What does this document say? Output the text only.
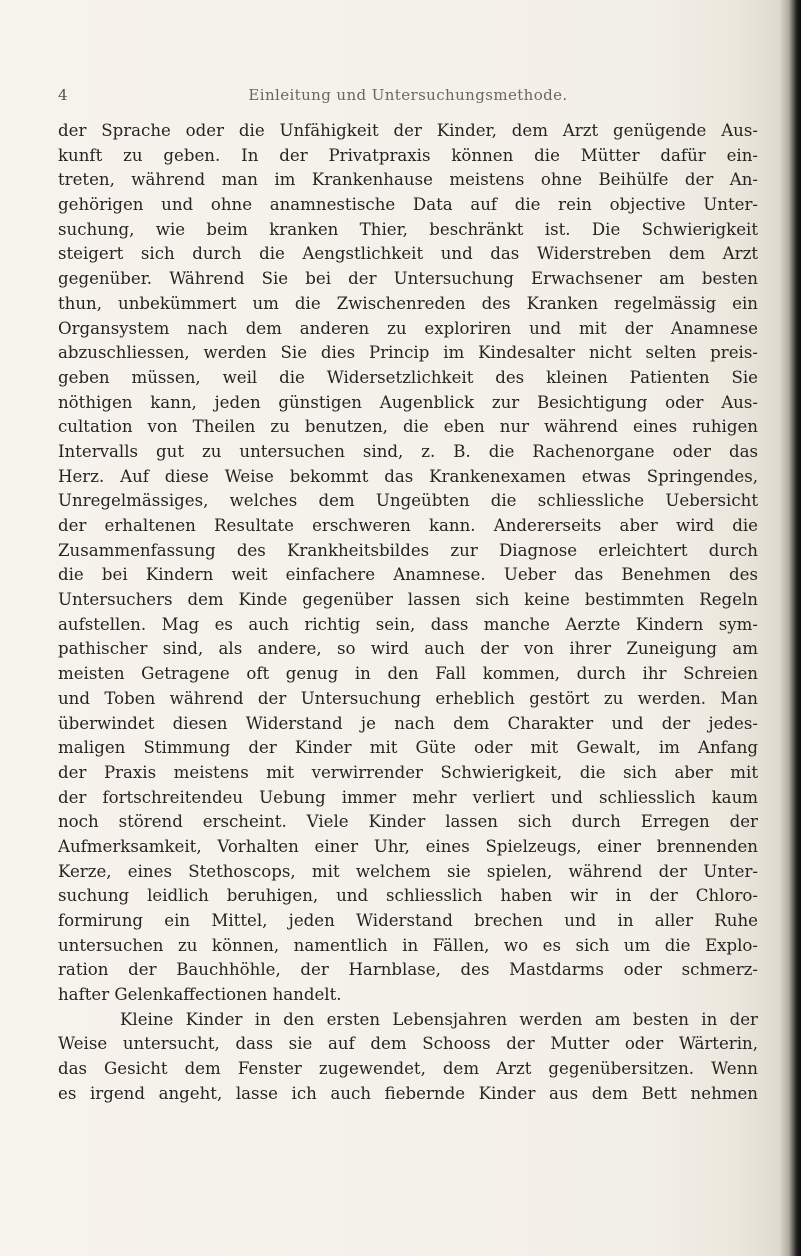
4	Einleitung und Untersuchungsmethode.
der Sprache oder die Unfähigkeit der Kinder, dem Arzt genügende Aus-
kunft zu geben. In der Privatpraxis können die Mütter dafür ein-
treten, während man im Krankenhause meistens ohne Beihülfe der An-
gehörigen und ohne anamnestische Data auf die rein objective Unter-
suchung, wie beim kranken Thier, beschränkt ist. Die Schwierigkeit
steigert sich durch die Aengstlichkeit und das Widerstreben dem Arzt
gegenüber. Während Sie bei der Untersuchung Erwachsener am besten
thun, unbekümmert um die Zwischenreden des Kranken regelmässig ein
Organsystem nach dem anderen zu exploriren und mit der Anamnese
abzuschliessen, werden Sie dies Princip im Kindesalter nicht selten preis-
geben müssen, weil die Widersetzlichkeit des kleinen Patienten Sie
nöthigen kann, jeden günstigen Augenblick zur Besichtigung oder Aus-
cultation von Theilen zu benutzen, die eben nur während eines ruhigen
Intervalls gut zu untersuchen sind, z. B. die Rachenorgane oder das
Herz. Auf diese Weise bekommt das Krankenexamen etwas Springendes,
Unregelmässiges, welches dem Ungeübten die schliessliche Uebersicht
der erhaltenen Resultate erschweren kann. Andererseits aber wird die
Zusammenfassung des Krankheitsbildes zur Diagnose erleichtert durch
die bei Kindern weit einfachere Anamnese. Ueber das Benehmen des
Untersuchers dem Kinde gegenüber lassen sich keine bestimmten Regeln
aufstellen. Mag es auch richtig sein, dass manche Aerzte Kindern sym-
pathischer sind, als andere, so wird auch der von ihrer Zuneigung am
meisten Getragene oft genug in den Fall kommen, durch ihr Schreien
und Toben während der Untersuchung erheblich gestört zu werden. Man
überwindet diesen Widerstand je nach dem Charakter und der jedes-
maligen Stimmung der Kinder mit Güte oder mit Gewalt, im Anfang
der Praxis meistens mit verwirrender Schwierigkeit, die sich aber mit
der fortschreitendeu Uebung immer mehr verliert und schliesslich kaum
noch störend erscheint. Viele Kinder lassen sich durch Erregen der
Aufmerksamkeit, Vorhalten einer Uhr, eines Spielzeugs, einer brennenden
Kerze, eines Stethoscops, mit welchem sie spielen, während der Unter-
suchung leidlich beruhigen, und schliesslich haben wir in der Chloro-
formirung ein Mittel, jeden Widerstand brechen und in aller Ruhe
untersuchen zu können, namentlich in Fällen, wo es sich um die Explo-
ration der Bauchhöhle, der Harnblase, des Mastdarms oder schmerz-
hafter Gelenkaffectionen handelt.
Kleine Kinder in den ersten Lebensjahren werden am besten in der
Weise untersucht, dass sie auf dem Schooss der Mutter oder Wärterin,
das Gesicht dem Fenster zugewendet, dem Arzt gegenübersitzen. Wenn
es irgend angeht, lasse ich auch fiebernde Kinder aus dem Bett nehmen
